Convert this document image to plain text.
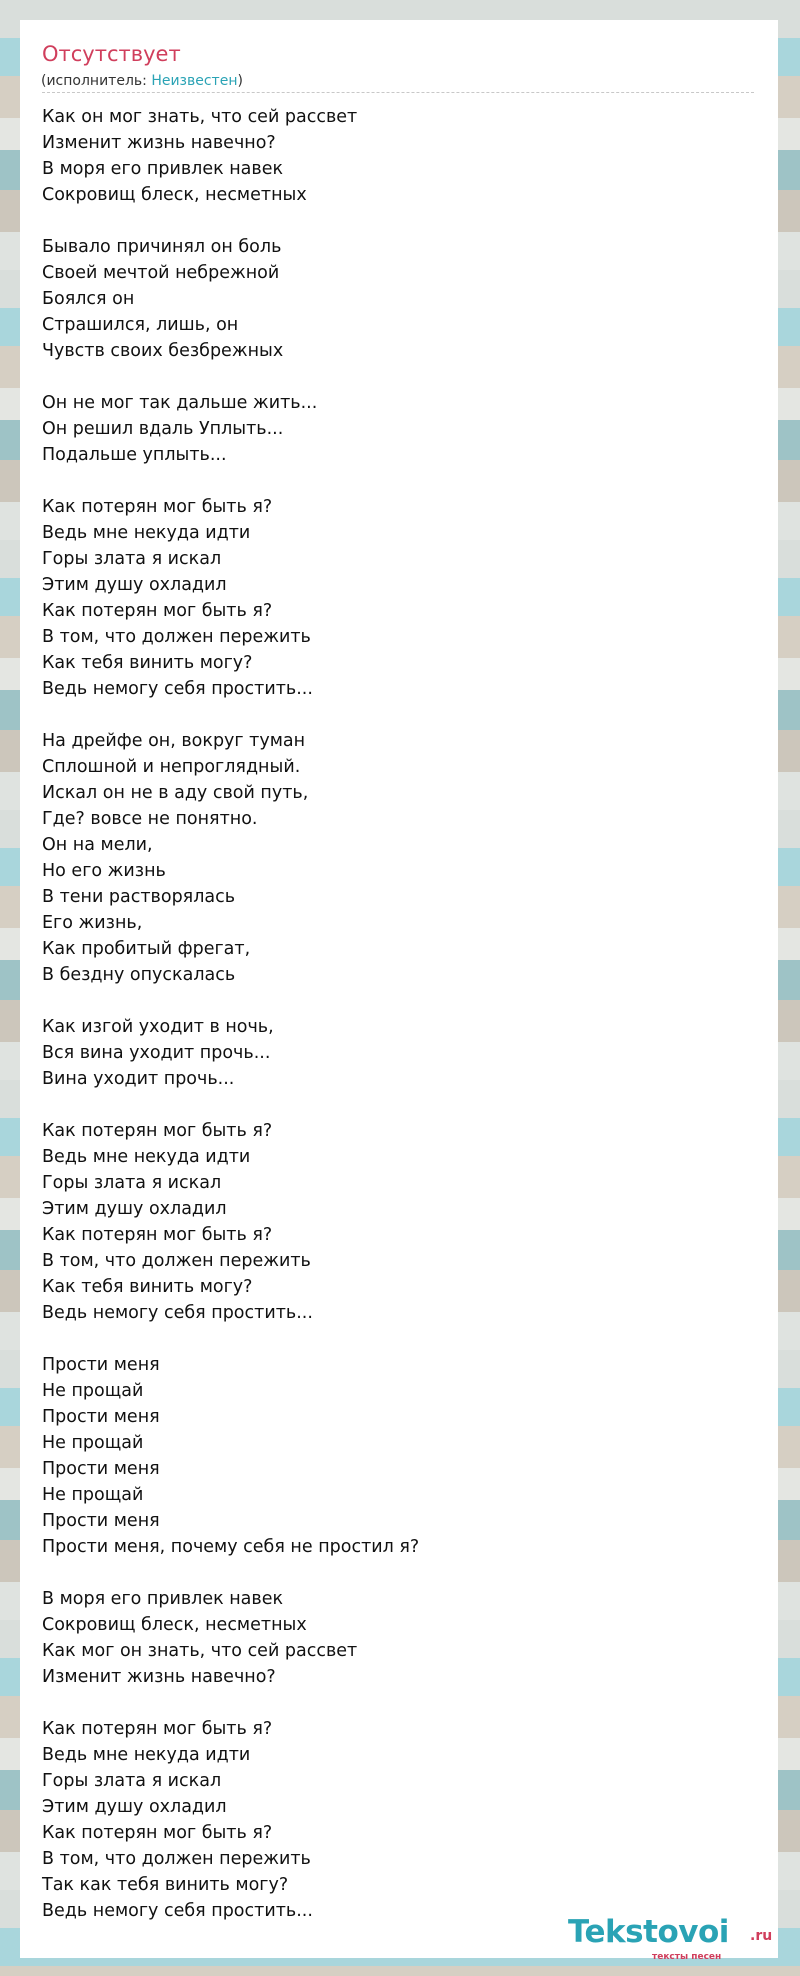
Отсутствует
(исполнитель: Неизвестен)
Как он мог знать, что сей рассвет
Изменит жизнь навечно?
В моря его привлек навек
Сокровищ блеск, несметных
Бывало причинял он боль
Своей мечтой небрежной
Боялся он
Страшился, лишь, он
Чувств своих безбрежных
Он не мог так дальше жить...
Он решил вдаль Уплыть...
Подальше уплыть...
Как потерян мог быть я?
Ведь мне некуда идти
Горы злата я искал
Этим душу охладил
Как потерян мог быть я?
В том, что должен пережить
Как тебя винить могу?
Ведь немогу себя простить...
На дрейфе он, вокруг туман
Сплошной и непроглядный.
Искал он не в аду свой путь,
Где? вовсе не понятно.
Он на мели,
Но его жизнь
В тени растворялась
Его жизнь,
Как пробитый фрегат,
В бездну опускалась
Как изгой уходит в ночь,
Вся вина уходит прочь...
Вина уходит прочь...
Как потерян мог быть я?
Ведь мне некуда идти
Горы злата я искал
Этим душу охладил
Как потерян мог быть я?
В том, что должен пережить
Как тебя винить могу?
Ведь немогу себя простить...
Прости меня
Не прощай
Прости меня
Не прощай
Прости меня
Не прощай
Прости меня
Прости меня, почему себя не простил я?
В моря его привлек навек
Сокровищ блеск, несметных
Как мог он знать, что сей рассвет
Изменит жизнь навечно?
Как потерян мог быть я?
Ведь мне некуда идти
Горы злата я искал
Этим душу охладил
Как потерян мог быть я?
В том, что должен пережить
Так как тебя винить могу?
Ведь немогу себя простить...
Tekstovoi .ru
тексты песен
